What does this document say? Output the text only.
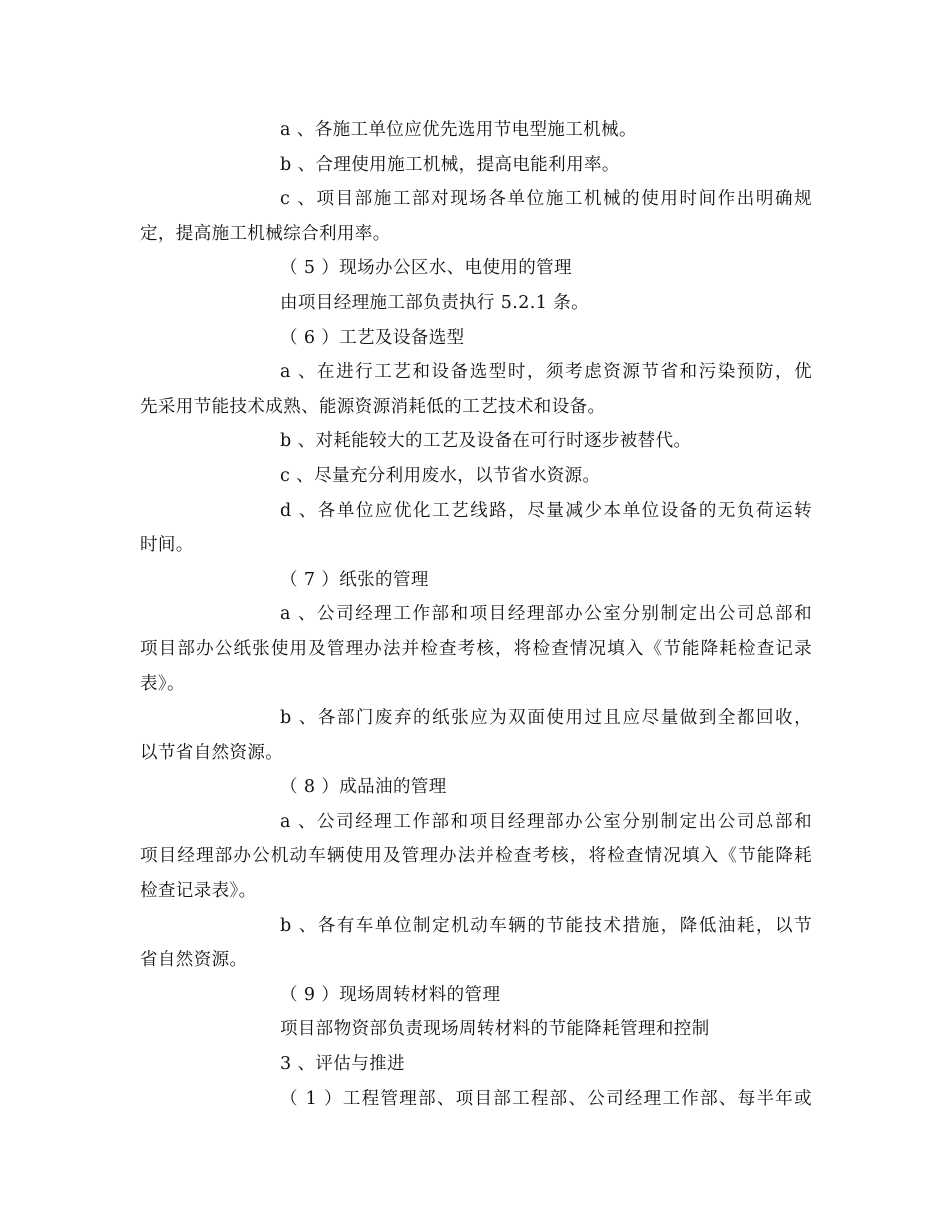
a 、各施工单位应优先选用节电型施工机械。
b 、合理使用施工机械，提高电能利用率。
c 、项目部施工部对现场各单位施工机械的使用时间作出明确规
定，提高施工机械综合利用率。
（ 5 ）现场办公区水、电使用的管理
由项目经理施工部负责执行 5.2.1 条。
（ 6 ）工艺及设备选型
a 、在进行工艺和设备选型时，须考虑资源节省和污染预防，优
先采用节能技术成熟、能源资源消耗低的工艺技术和设备。
b 、对耗能较大的工艺及设备在可行时逐步被替代。
c 、尽量充分利用废水，以节省水资源。
d 、各单位应优化工艺线路，尽量减少本单位设备的无负荷运转
时间。
（ 7 ）纸张的管理
a 、公司经理工作部和项目经理部办公室分别制定出公司总部和
项目部办公纸张使用及管理办法并检查考核，将检查情况填入《节能降耗检查记录
表》。
b 、各部门废弃的纸张应为双面使用过且应尽量做到全都回收，
以节省自然资源。
（ 8 ）成品油的管理
a 、公司经理工作部和项目经理部办公室分别制定出公司总部和
项目经理部办公机动车辆使用及管理办法并检查考核，将检查情况填入《节能降耗
检查记录表》。
b 、各有车单位制定机动车辆的节能技术措施，降低油耗，以节
省自然资源。
（ 9 ）现场周转材料的管理
项目部物资部负责现场周转材料的节能降耗管理和控制
3 、评估与推进
（ 1 ）工程管理部、项目部工程部、公司经理工作部、每半年或
